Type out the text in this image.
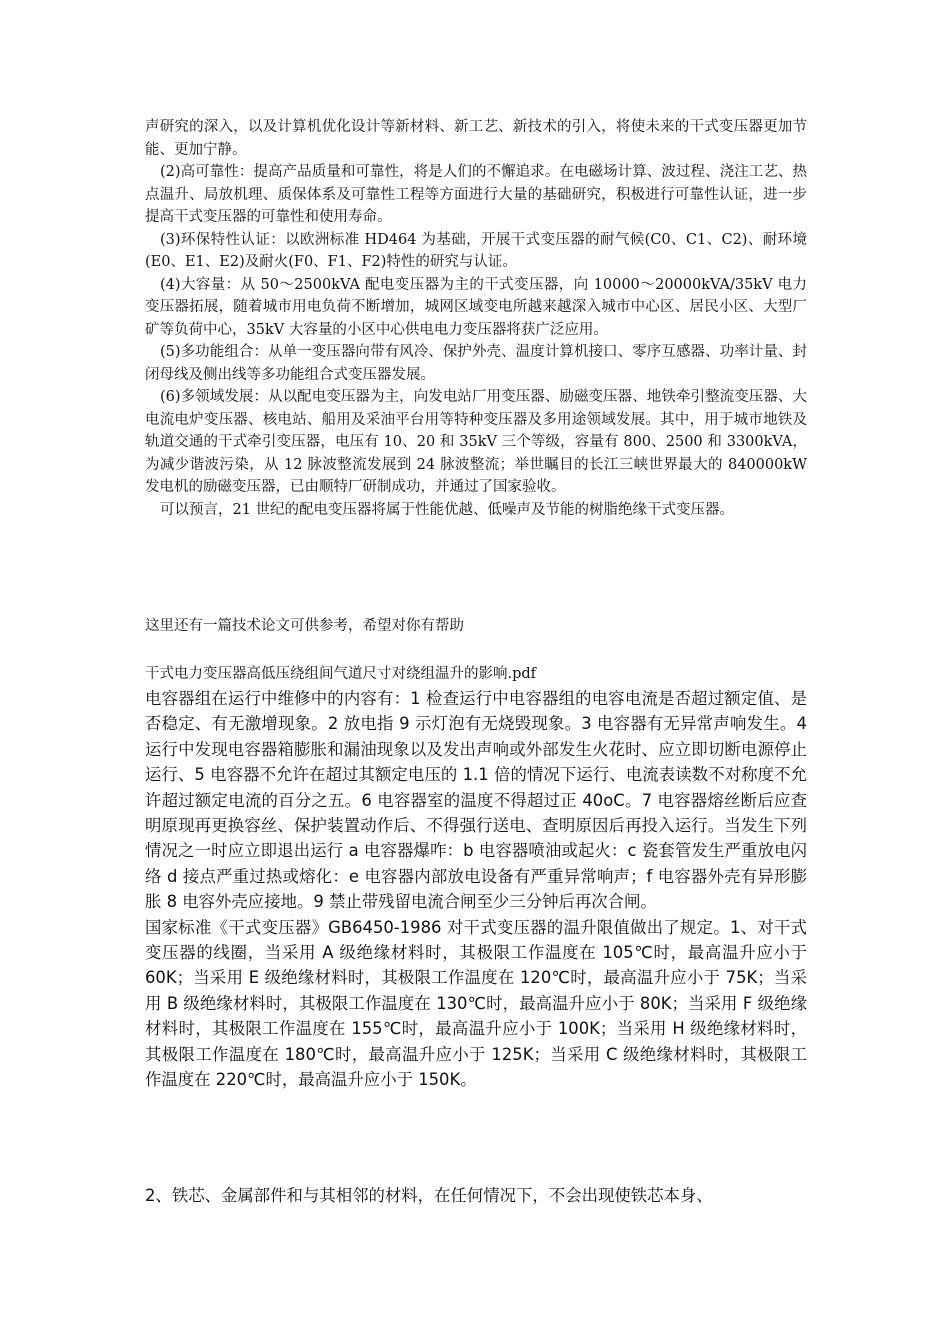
声研究的深入，以及计算机优化设计等新材料、新工艺、新技术的引入，将使未来的干式变压器更加节能、更加宁静。

(2)高可靠性：提高产品质量和可靠性，将是人们的不懈追求。在电磁场计算、波过程、浇注工艺、热点温升、局放机理、质保体系及可靠性工程等方面进行大量的基础研究，积极进行可靠性认证，进一步提高干式变压器的可靠性和使用寿命。

(3)环保特性认证：以欧洲标准 HD464 为基础，开展干式变压器的耐气候(C0、C1、C2)、耐环境(E0、E1、E2)及耐火(F0、F1、F2)特性的研究与认证。

(4)大容量：从 50～2500kVA 配电变压器为主的干式变压器，向 10000～20000kVA/35kV 电力变压器拓展，随着城市用电负荷不断增加，城网区域变电所越来越深入城市中心区、居民小区、大型厂矿等负荷中心，35kV 大容量的小区中心供电电力变压器将获广泛应用。

(5)多功能组合：从单一变压器向带有风冷、保护外壳、温度计算机接口、零序互感器、功率计量、封闭母线及侧出线等多功能组合式变压器发展。

(6)多领域发展：从以配电变压器为主，向发电站厂用变压器、励磁变压器、地铁牵引整流变压器、大电流电炉变压器、核电站、船用及采油平台用等特种变压器及多用途领域发展。其中，用于城市地铁及轨道交通的干式牵引变压器，电压有 10、20 和 35kV 三个等级，容量有 800、2500 和 3300kVA，为减少谐波污染，从 12 脉波整流发展到 24 脉波整流；举世瞩目的长江三峡世界最大的 840000kW 发电机的励磁变压器，已由顺特厂研制成功，并通过了国家验收。

可以预言，21 世纪的配电变压器将属于性能优越、低噪声及节能的树脂绝缘干式变压器。

这里还有一篇技术论文可供参考，希望对你有帮助
干式电力变压器高低压绕组间气道尺寸对绕组温升的影响.pdf

电容器组在运行中维修中的内容有：1 检查运行中电容器组的电容电流是否超过额定值、是否稳定、有无激增现象。2 放电指 9 示灯泡有无烧毁现象。3 电容器有无异常声响发生。4 运行中发现电容器箱膨胀和漏油现象以及发出声响或外部发生火花时、应立即切断电源停止运行、5 电容器不允许在超过其额定电压的 1.1 倍的情况下运行、电流表读数不对称度不允许超过额定电流的百分之五。6 电容器室的温度不得超过正 40oC。7 电容器熔丝断后应查明原现再更换容丝、保护装置动作后、不得强行送电、查明原因后再投入运行。当发生下列情况之一时应立即退出运行 a 电容器爆咋：b 电容器喷油或起火：c 瓷套管发生严重放电闪络 d 接点严重过热或熔化：e 电容器内部放电设备有严重异常响声；f 电容器外壳有异形膨胀 8 电容外壳应接地。9 禁止带残留电流合闸至少三分钟后再次合闸。

国家标准《干式变压器》GB6450-1986 对干式变压器的温升限值做出了规定。1、对干式变压器的线圈，当采用 A 级绝缘材料时，其极限工作温度在 105℃时，最高温升应小于 60K；当采用 E 级绝缘材料时，其极限工作温度在 120℃时，最高温升应小于 75K；当采用 B 级绝缘材料时，其极限工作温度在 130℃时，最高温升应小于 80K；当采用 F 级绝缘材料时，其极限工作温度在 155℃时，最高温升应小于 100K；当采用 H 级绝缘材料时，其极限工作温度在 180℃时，最高温升应小于 125K；当采用 C 级绝缘材料时，其极限工作温度在 220℃时，最高温升应小于 150K。

2、铁芯、金属部件和与其相邻的材料，在任何情况下，不会出现使铁芯本身、
